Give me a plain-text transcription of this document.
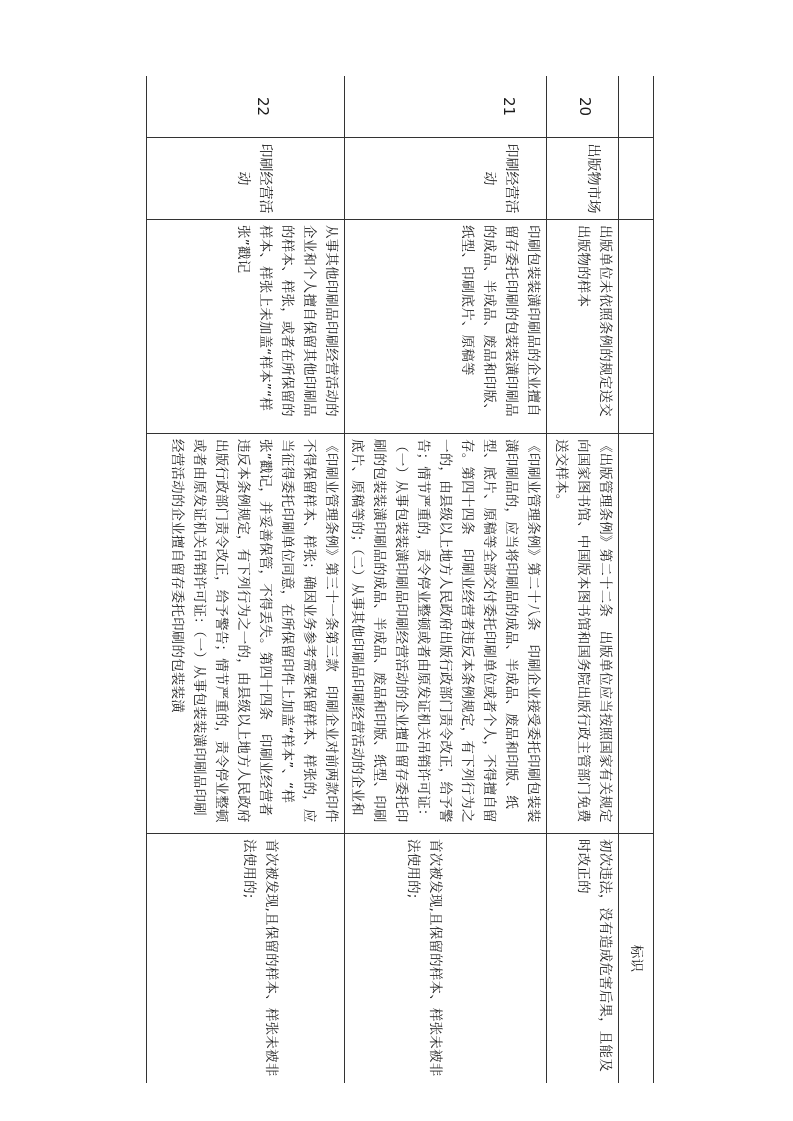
标识
20
出版物市场
出版单位未依照条例的规定送交出版物的样本
《出版管理条例》第二十二条　出版单位应当按照国家有关规定向国家图书馆、中国版本图书馆和国务院出版行政主管部门免费送交样本。
初次违法，没有造成危害后果，且能及时改正的
21
印刷经营活动
印刷包装装潢印刷品的企业擅自留存委托印刷的包装装潢印刷品的成品、半成品、废品和印版、纸型、印刷底片、原稿等
《印刷业管理条例》第二十八条　印刷企业接受委托印刷包装装潢印刷品的，应当将印刷品的成品、半成品、废品和印版、纸型、底片、原稿等全部交付委托印刷单位或者个人，不得擅自留存。第四十四条　印刷业经营者违反本条例规定，有下列行为之一的，由县级以上地方人民政府出版行政部门责令改正，给予警告；情节严重的，责令停业整顿或者由原发证机关吊销许可证：（一）从事包装装潢印刷品印刷经营活动的企业擅自留存委托印刷的包装装潢印刷品的成品、半成品、废品和印版、纸型、印刷底片、原稿等的；（二）从事其他印刷品印刷经营活动的企业和
首次被发现,且保留的样本、样张未被非法使用的;
22
印刷经营活动
从事其他印刷品印刷经营活动的企业和个人擅自保留其他印刷品的样本、样张，或者在所保留的样本、样张上未加盖“样本”“样张”戳记
《印刷业管理条例》第三十一条第三款　印刷企业对前两款印件不得保留样本、样张；确因业务参考需要保留样本、样张的，应当征得委托印刷单位同意，在所保留印件上加盖“样本”、“样张”戳记，并妥善保管，不得丢失。第四十四条　印刷业经营者违反本条例规定，有下列行为之一的，由县级以上地方人民政府出版行政部门责令改正，给予警告；情节严重的，责令停业整顿或者由原发证机关吊销许可证：（一）从事包装装潢印刷品印刷经营活动的企业擅自留存委托印刷的包装装潢
首次被发现,且保留的样本、样张未被非法使用的;
